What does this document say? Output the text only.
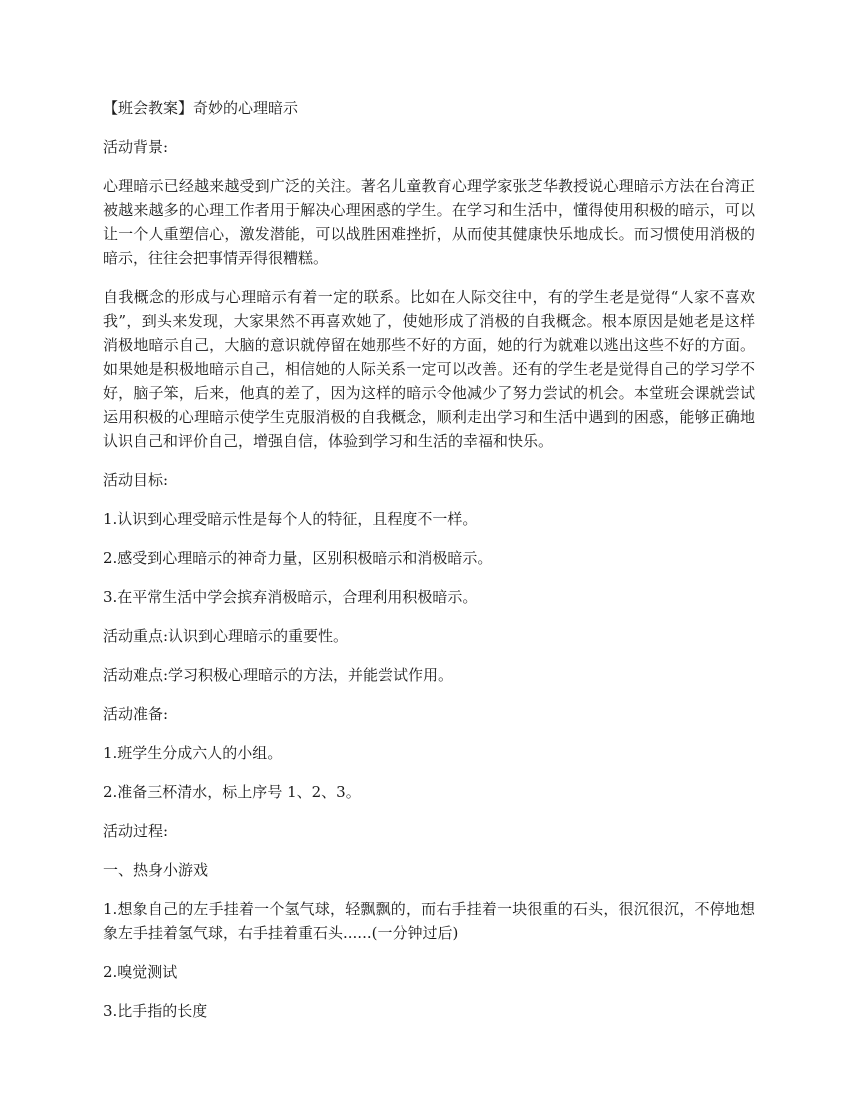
【班会教案】奇妙的心理暗示

活动背景:

心理暗示已经越来越受到广泛的关注。著名儿童教育心理学家张芝华教授说心理暗示方法在台湾正被越来越多的心理工作者用于解决心理困惑的学生。在学习和生活中，懂得使用积极的暗示，可以让一个人重塑信心，激发潜能，可以战胜困难挫折，从而使其健康快乐地成长。而习惯使用消极的暗示，往往会把事情弄得很糟糕。

自我概念的形成与心理暗示有着一定的联系。比如在人际交往中，有的学生老是觉得“人家不喜欢我”，到头来发现，大家果然不再喜欢她了，使她形成了消极的自我概念。根本原因是她老是这样消极地暗示自己，大脑的意识就停留在她那些不好的方面，她的行为就难以逃出这些不好的方面。如果她是积极地暗示自己，相信她的人际关系一定可以改善。还有的学生老是觉得自己的学习学不好，脑子笨，后来，他真的差了，因为这样的暗示令他减少了努力尝试的机会。本堂班会课就尝试运用积极的心理暗示使学生克服消极的自我概念，顺利走出学习和生活中遇到的困惑，能够正确地认识自己和评价自己，增强自信，体验到学习和生活的幸福和快乐。

活动目标:

1.认识到心理受暗示性是每个人的特征，且程度不一样。

2.感受到心理暗示的神奇力量，区别积极暗示和消极暗示。

3.在平常生活中学会摈弃消极暗示，合理利用积极暗示。

活动重点:认识到心理暗示的重要性。

活动难点:学习积极心理暗示的方法，并能尝试作用。

活动准备:

1.班学生分成六人的小组。

2.准备三杯清水，标上序号 1、2、3。

活动过程:

一、热身小游戏

1.想象自己的左手挂着一个氢气球，轻飘飘的，而右手挂着一块很重的石头，很沉很沉，不停地想象左手挂着氢气球，右手挂着重石头......(一分钟过后)

2.嗅觉测试

3.比手指的长度
